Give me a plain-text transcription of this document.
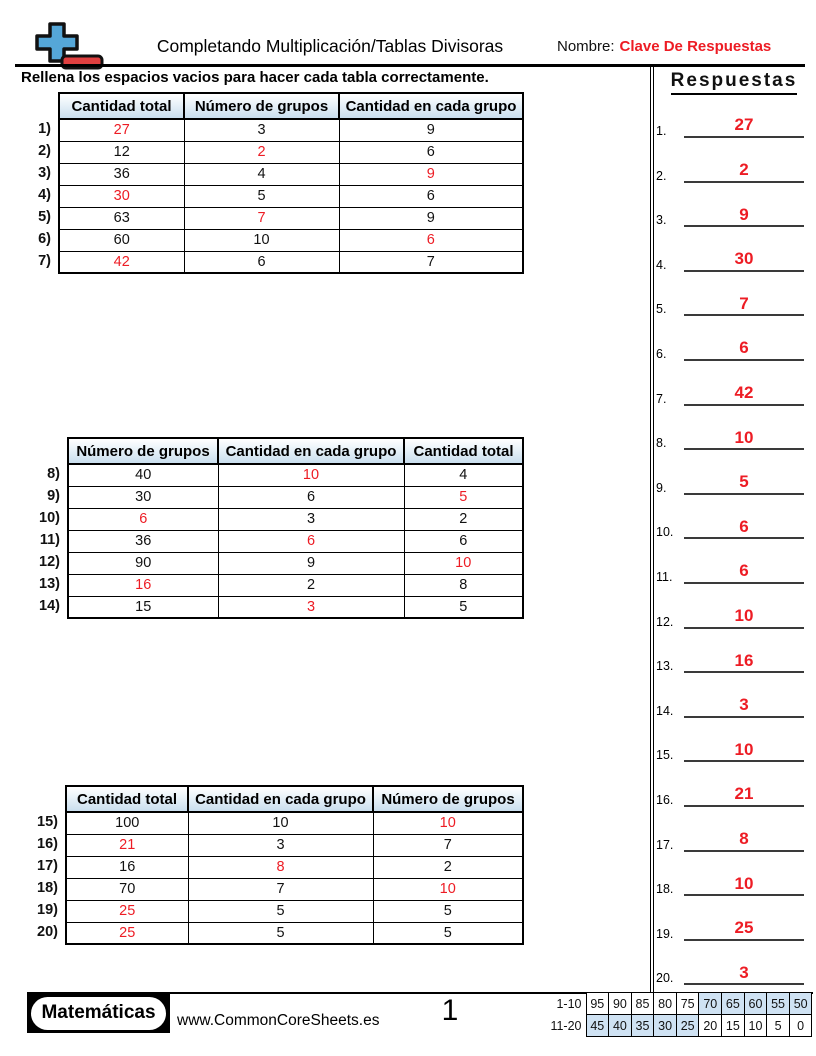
Completando Multiplicación/Tablas Divisoras	Nombre: Clave De Respuestas
Rellena los espacios vacios para hacer cada tabla correctamente.
1)
2)
3)
4)
5)
6)
7)
Cantidad total	Número de grupos	Cantidad en cada grupo
27	3	9
12	2	6
36	4	9
30	5	6
63	7	9
60	10	6
42	6	7
8)
9)
10)
11)
12)
13)
14)
Número de grupos	Cantidad en cada grupo	Cantidad total
40	10	4
30	6	5
6	3	2
36	6	6
90	9	10
16	2	8
15	3	5
15)
16)
17)
18)
19)
20)
Cantidad total	Cantidad en cada grupo	Número de grupos
100	10	10
21	3	7
16	8	2
70	7	10
25	5	5
25	5	5
Respuestas
1.	27
2.	2
3.	9
4.	30
5.	7
6.	6
7.	42
8.	10
9.	5
10.	6
11.	6
12.	10
13.	16
14.	3
15.	10
16.	21
17.	8
18.	10
19.	25
20.	3
Matemáticas	www.CommonCoreSheets.es	1	1-10	95	90	85	80	75	70	65	60	55	50
11-20	45	40	35	30	25	20	15	10	5	0
